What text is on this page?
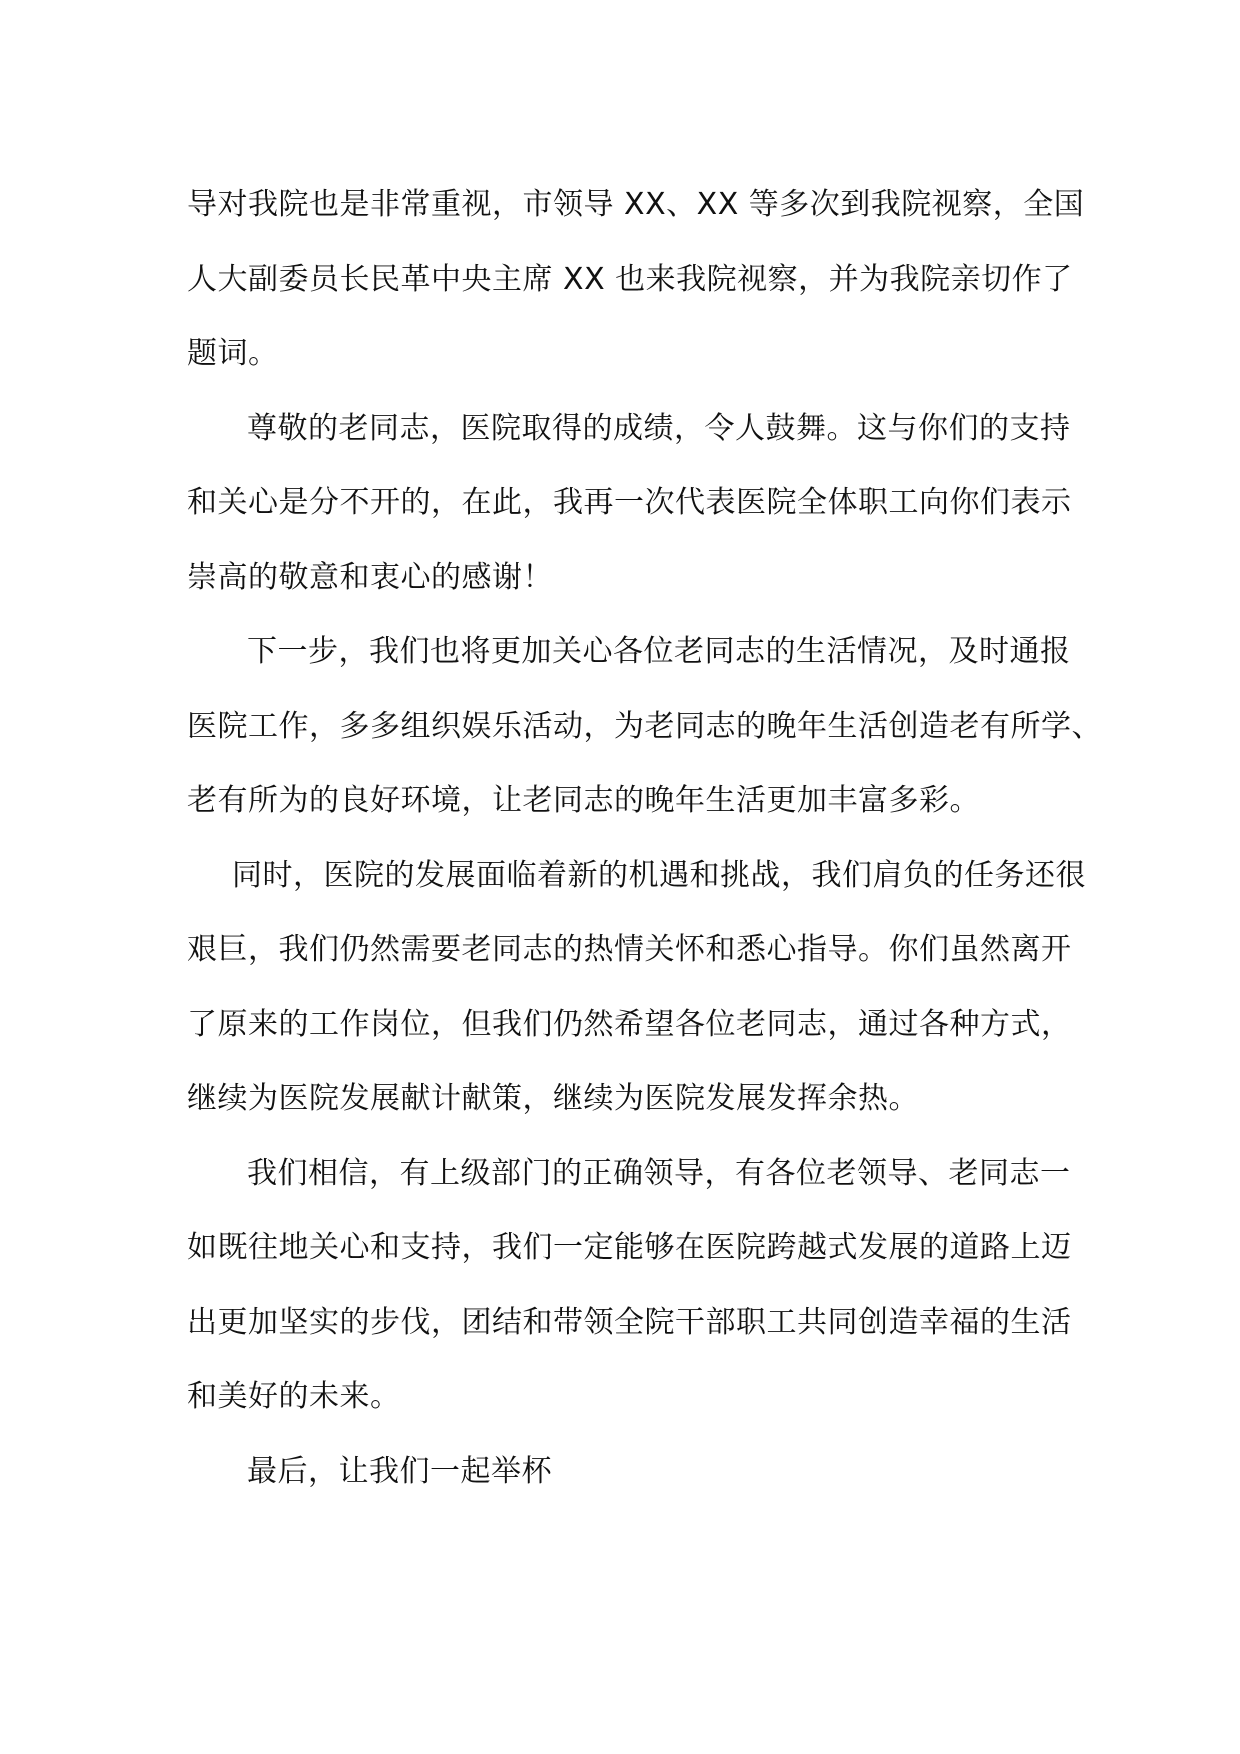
导对我院也是非常重视，市领导 XX、XX 等多次到我院视察，全国
人大副委员长民革中央主席 XX 也来我院视察，并为我院亲切作了
题词。
尊敬的老同志，医院取得的成绩，令人鼓舞。这与你们的支持
和关心是分不开的，在此，我再一次代表医院全体职工向你们表示
崇高的敬意和衷心的感谢！
下一步，我们也将更加关心各位老同志的生活情况，及时通报
医院工作，多多组织娱乐活动，为老同志的晚年生活创造老有所学、
老有所为的良好环境，让老同志的晚年生活更加丰富多彩。
同时，医院的发展面临着新的机遇和挑战，我们肩负的任务还很
艰巨，我们仍然需要老同志的热情关怀和悉心指导。你们虽然离开
了原来的工作岗位，但我们仍然希望各位老同志，通过各种方式，
继续为医院发展献计献策，继续为医院发展发挥余热。
我们相信，有上级部门的正确领导，有各位老领导、老同志一
如既往地关心和支持，我们一定能够在医院跨越式发展的道路上迈
出更加坚实的步伐，团结和带领全院干部职工共同创造幸福的生活
和美好的未来。
最后，让我们一起举杯
